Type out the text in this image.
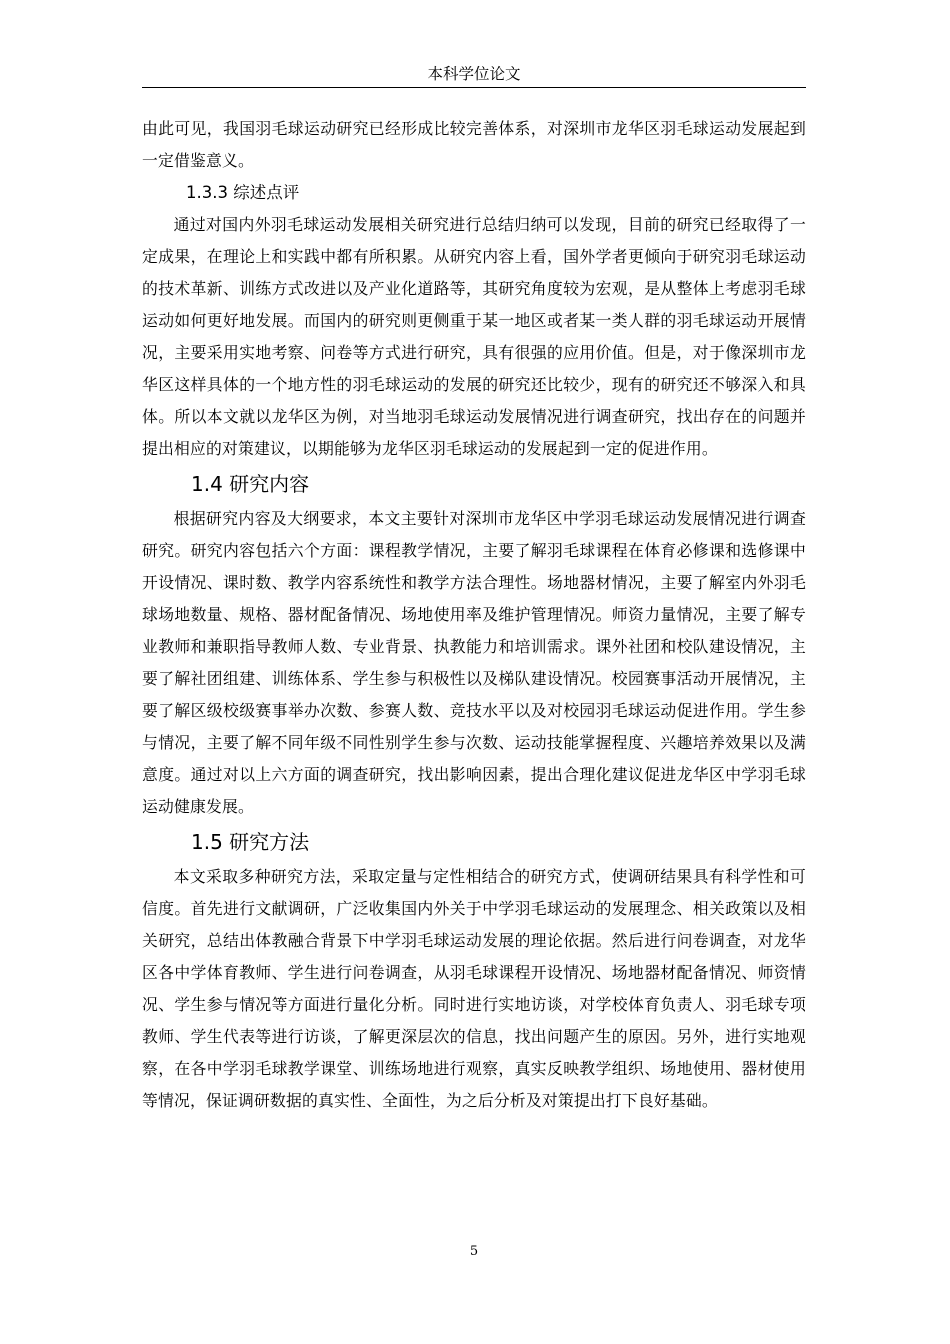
本科学位论文

由此可见，我国羽毛球运动研究已经形成比较完善体系，对深圳市龙华区羽毛球运动发展起到一定借鉴意义。

1.3.3 综述点评

通过对国内外羽毛球运动发展相关研究进行总结归纳可以发现，目前的研究已经取得了一定成果，在理论上和实践中都有所积累。从研究内容上看，国外学者更倾向于研究羽毛球运动的技术革新、训练方式改进以及产业化道路等，其研究角度较为宏观，是从整体上考虑羽毛球运动如何更好地发展。而国内的研究则更侧重于某一地区或者某一类人群的羽毛球运动开展情况，主要采用实地考察、问卷等方式进行研究，具有很强的应用价值。但是，对于像深圳市龙华区这样具体的一个地方性的羽毛球运动的发展的研究还比较少，现有的研究还不够深入和具体。所以本文就以龙华区为例，对当地羽毛球运动发展情况进行调查研究，找出存在的问题并提出相应的对策建议，以期能够为龙华区羽毛球运动的发展起到一定的促进作用。

1.4 研究内容

根据研究内容及大纲要求，本文主要针对深圳市龙华区中学羽毛球运动发展情况进行调查研究。研究内容包括六个方面：课程教学情况，主要了解羽毛球课程在体育必修课和选修课中开设情况、课时数、教学内容系统性和教学方法合理性。场地器材情况，主要了解室内外羽毛球场地数量、规格、器材配备情况、场地使用率及维护管理情况。师资力量情况，主要了解专业教师和兼职指导教师人数、专业背景、执教能力和培训需求。课外社团和校队建设情况，主要了解社团组建、训练体系、学生参与积极性以及梯队建设情况。校园赛事活动开展情况，主要了解区级校级赛事举办次数、参赛人数、竞技水平以及对校园羽毛球运动促进作用。学生参与情况，主要了解不同年级不同性别学生参与次数、运动技能掌握程度、兴趣培养效果以及满意度。通过对以上六方面的调查研究，找出影响因素，提出合理化建议促进龙华区中学羽毛球运动健康发展。

1.5 研究方法

本文采取多种研究方法，采取定量与定性相结合的研究方式，使调研结果具有科学性和可信度。首先进行文献调研，广泛收集国内外关于中学羽毛球运动的发展理念、相关政策以及相关研究，总结出体教融合背景下中学羽毛球运动发展的理论依据。然后进行问卷调查，对龙华区各中学体育教师、学生进行问卷调查，从羽毛球课程开设情况、场地器材配备情况、师资情况、学生参与情况等方面进行量化分析。同时进行实地访谈，对学校体育负责人、羽毛球专项教师、学生代表等进行访谈，了解更深层次的信息，找出问题产生的原因。另外，进行实地观察，在各中学羽毛球教学课堂、训练场地进行观察，真实反映教学组织、场地使用、器材使用等情况，保证调研数据的真实性、全面性，为之后分析及对策提出打下良好基础。

5
